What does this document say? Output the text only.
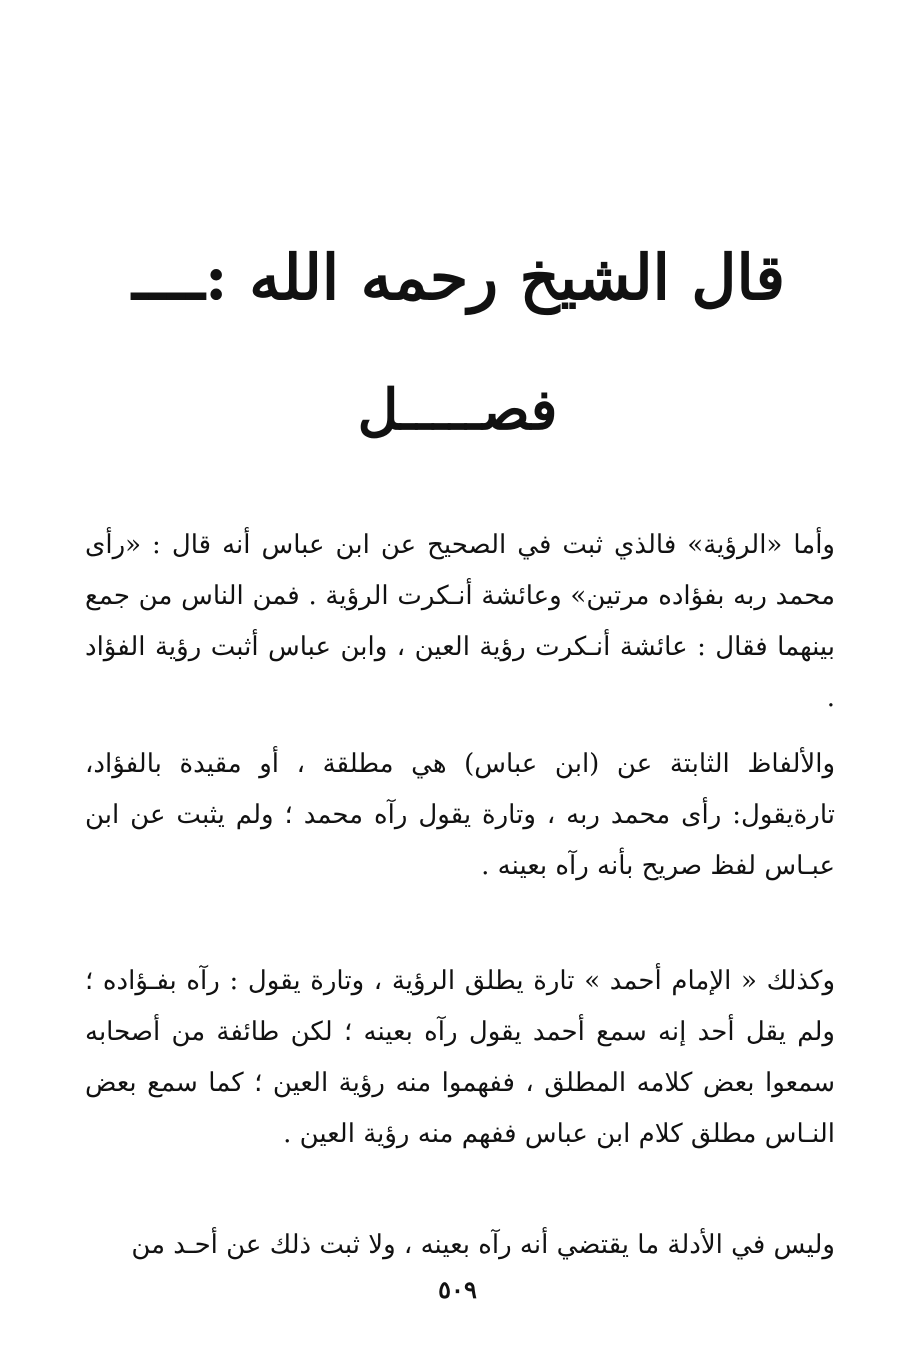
قال الشيخ رحمه الله :ــــ
فصـــــل

وأما «الرؤية» فالذي ثبت في الصحيح عن ابن عباس أنه قال : «رأى محمد ربه بفؤاده مرتين» وعائشة أنـكرت الرؤية . فمن الناس من جمع بينهما فقال : عائشة أنـكرت رؤية العين ، وابن عباس أثبت رؤية الفؤاد .

والألفاظ الثابتة عن (ابن عباس) هي مطلقة ، أو مقيدة بالفؤاد، تارةيقول: رأى محمد ربه ، وتارة يقول رآه محمد ؛ ولم يثبت عن ابن عبـاس لفظ صريح بأنه رآه بعينه .

وكذلك « الإمام أحمد » تارة يطلق الرؤية ، وتارة يقول : رآه بفـؤاده ؛ ولم يقل أحد إنه سمع أحمد يقول رآه بعينه ؛ لكن طائفة من أصحابه سمعوا بعض كلامه المطلق ، ففهموا منه رؤية العين ؛ كما سمع بعض النـاس مطلق كلام ابن عباس ففهم منه رؤية العين .

وليس في الأدلة ما يقتضي أنه رآه بعينه ، ولا ثبت ذلك عن أحـد من

٥٠٩
